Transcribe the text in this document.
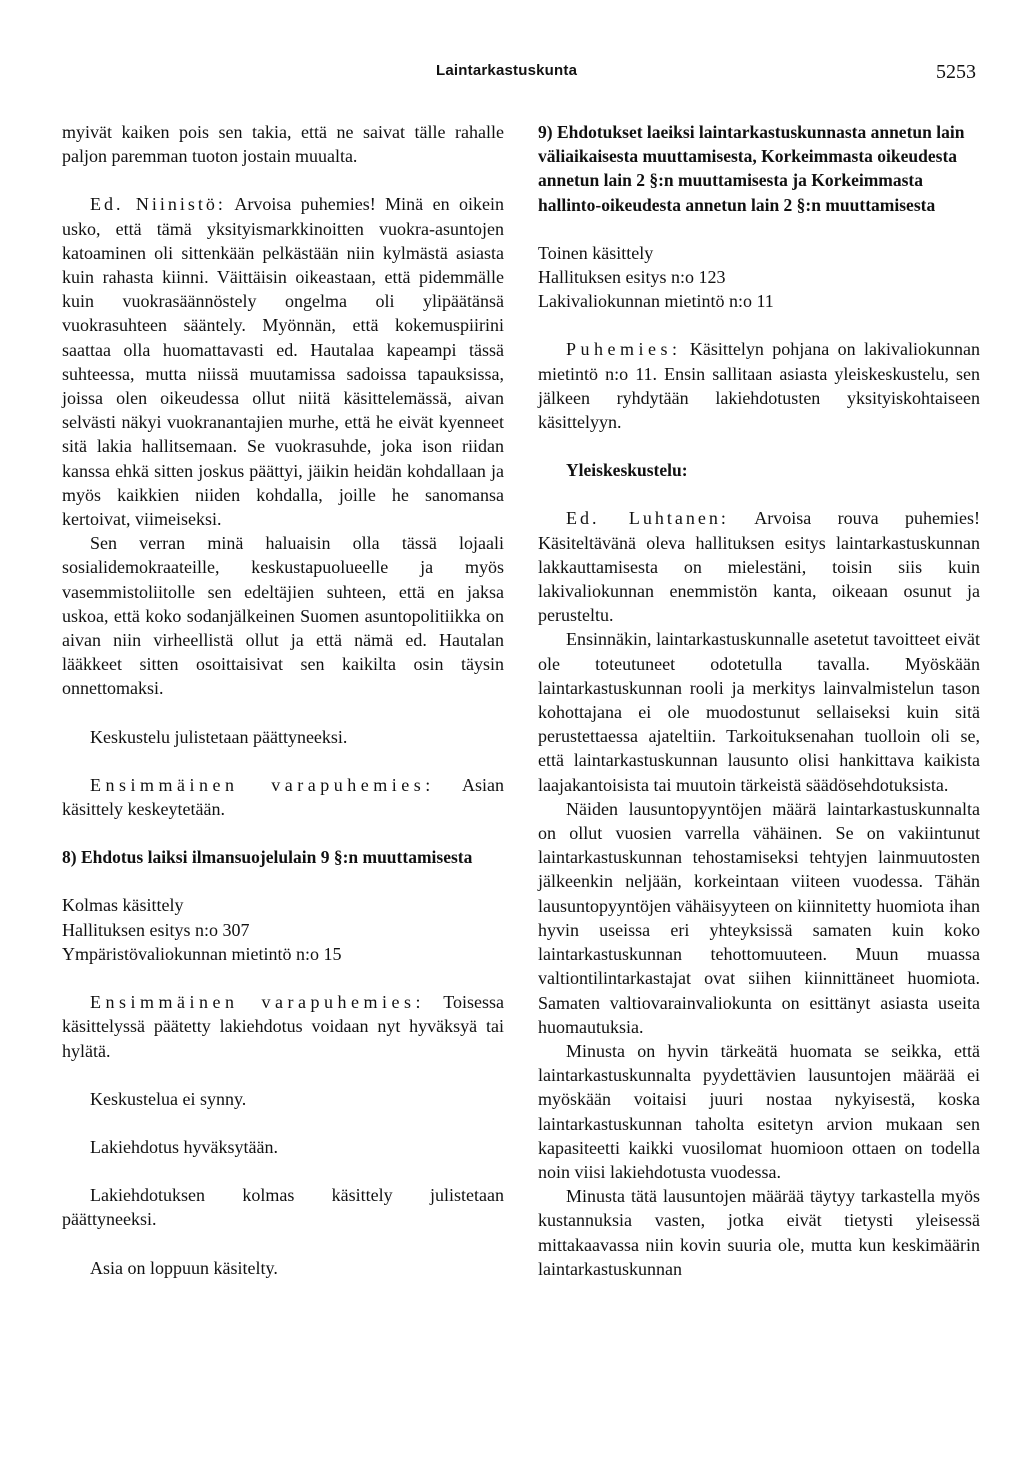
Laintarkastuskunta	5253

myivät kaiken pois sen takia, että ne saivat tälle rahalle paljon paremman tuoton jostain muualta.

Ed. Niinistö: Arvoisa puhemies! Minä en oikein usko, että tämä yksityismarkkinoitten vuokra-asuntojen katoaminen oli sittenkään pelkästään niin kylmästä asiasta kuin rahasta kiinni. Väittäisin oikeastaan, että pidemmälle kuin vuokrasäännöstely ongelma oli ylipäätänsä vuokrasuhteen sääntely. Myönnän, että kokemuspiirini saattaa olla huomattavasti ed. Hautalaa kapeampi tässä suhteessa, mutta niissä muutamissa sadoissa tapauksissa, joissa olen oikeudessa ollut niitä käsittelemässä, aivan selvästi näkyi vuokranantajien murhe, että he eivät kyenneet sitä lakia hallitsemaan. Se vuokrasuhde, joka ison riidan kanssa ehkä sitten joskus päättyi, jäikin heidän kohdallaan ja myös kaikkien niiden kohdalla, joille he sanomansa kertoivat, viimeiseksi.

Sen verran minä haluaisin olla tässä lojaali sosialidemokraateille, keskustapuolueelle ja myös vasemmistoliitolle sen edeltäjien suhteen, että en jaksa uskoa, että koko sodanjälkeinen Suomen asuntopolitiikka on aivan niin virheellistä ollut ja että nämä ed. Hautalan lääkkeet sitten osoittaisivat sen kaikilta osin täysin onnettomaksi.

Keskustelu julistetaan päättyneeksi.

Ensimmäinen varapuhemies: Asian käsittely keskeytetään.

8) Ehdotus laiksi ilmansuojelulain 9 §:n muuttamisesta

Kolmas käsittely

Hallituksen esitys n:o 307

Ympäristövaliokunnan mietintö n:o 15

Ensimmäinen varapuhemies: Toisessa käsittelyssä päätetty lakiehdotus voidaan nyt hyväksyä tai hylätä.

Keskustelua ei synny.

Lakiehdotus hyväksytään.

Lakiehdotuksen kolmas käsittely julistetaan päättyneeksi.

Asia on loppuun käsitelty.

9) Ehdotukset laeiksi laintarkastuskunnasta annetun lain väliaikaisesta muuttamisesta, Korkeimmasta oikeudesta annetun lain 2 §:n muuttamisesta ja Korkeimmasta hallinto-oikeudesta annetun lain 2 §:n muuttamisesta

Toinen käsittely

Hallituksen esitys n:o 123

Lakivaliokunnan mietintö n:o 11

Puhemies: Käsittelyn pohjana on lakivaliokunnan mietintö n:o 11. Ensin sallitaan asiasta yleiskeskustelu, sen jälkeen ryhdytään lakiehdotusten yksityiskohtaiseen käsittelyyn.

Yleiskeskustelu:

Ed. Luhtanen: Arvoisa rouva puhemies! Käsiteltävänä oleva hallituksen esitys laintarkastuskunnan lakkauttamisesta on mielestäni, toisin siis kuin lakivaliokunnan enemmistön kanta, oikeaan osunut ja perusteltu.

Ensinnäkin, laintarkastuskunnalle asetetut tavoitteet eivät ole toteutuneet odotetulla tavalla. Myöskään laintarkastuskunnan rooli ja merkitys lainvalmistelun tason kohottajana ei ole muodostunut sellaiseksi kuin sitä perustettaessa ajateltiin. Tarkoituksenahan tuolloin oli se, että laintarkastuskunnan lausunto olisi hankittava kaikista laajakantoisista tai muutoin tärkeistä säädösehdotuksista.

Näiden lausuntopyyntöjen määrä laintarkastuskunnalta on ollut vuosien varrella vähäinen. Se on vakiintunut laintarkastuskunnan tehostamiseksi tehtyjen lainmuutosten jälkeenkin neljään, korkeintaan viiteen vuodessa. Tähän lausuntopyyntöjen vähäisyyteen on kiinnitetty huomiota ihan hyvin useissa eri yhteyksissä samaten kuin koko laintarkastuskunnan tehottomuuteen. Muun muassa valtiontilintarkastajat ovat siihen kiinnittäneet huomiota. Samaten valtiovarainvaliokunta on esittänyt asiasta useita huomautuksia.

Minusta on hyvin tärkeätä huomata se seikka, että laintarkastuskunnalta pyydettävien lausuntojen määrää ei myöskään voitaisi juuri nostaa nykyisestä, koska laintarkastuskunnan taholta esitetyn arvion mukaan sen kapasiteetti kaikki vuosilomat huomioon ottaen on todella noin viisi lakiehdotusta vuodessa.

Minusta tätä lausuntojen määrää täytyy tarkastella myös kustannuksia vasten, jotka eivät tietysti yleisessä mittakaavassa niin kovin suuria ole, mutta kun keskimäärin laintarkastuskunnan
